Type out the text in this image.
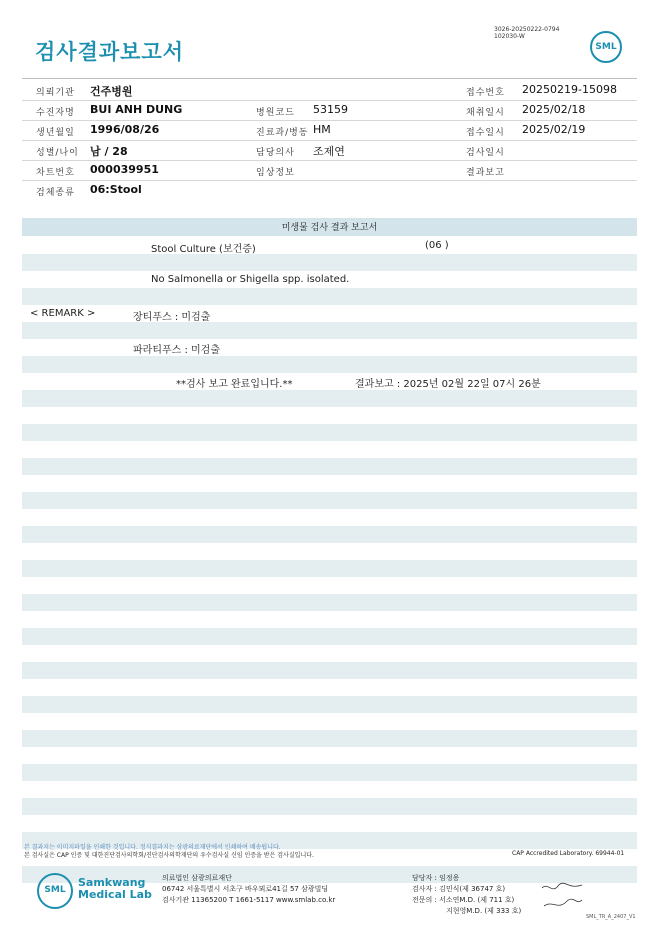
검사결과보고서
3026-20250222-0794
102030-W
SML
의뢰기관 건주병원	접수번호 20250219-15098
수진자명 BUI ANH DUNG	병원코드 53159	채취일시 2025/02/18
생년월일 1996/08/26	진료과/병동 HM	접수일시 2025/02/19
성별/나이 남 / 28	담당의사 조제연	검사일시
차트번호 000039951	임상정보	결과보고
검체종류 06:Stool
미생물 검사 결과 보고서
Stool Culture (보건증)	(06 )
No Salmonella or Shigella spp. isolated.
< REMARK >	장티푸스 : 미검출
파라티푸스 : 미검출
**검사 보고 완료입니다.**	결과보고 : 2025년 02월 22일 07시 26분
본 결과지는 이미지파일을 인쇄한 것입니다. 정식결과지는 삼광의료재단에서 인쇄하여 배송됩니다.
본 검사실은 CAP 인증 및 대한진단검사의학회/진단검사의학재단의 우수검사실 신임 인증을 받은 검사실입니다.	CAP Accredited Laboratory. 69944-01
SML
Samkwang
Medical Lab
의료법인 삼광의료재단
06742 서울특별시 서초구 바우뫼로41길 57 삼광빌딩
검사기관 11365200 T 1661-5117 www.smlab.co.kr
담당자 : 임정용
검사자 : 김민식(제 36747 호)
전문의 : 서소연M.D. (제 711 호)
지현영M.D. (제 333 호)
SML_TR_A_2407_V1
